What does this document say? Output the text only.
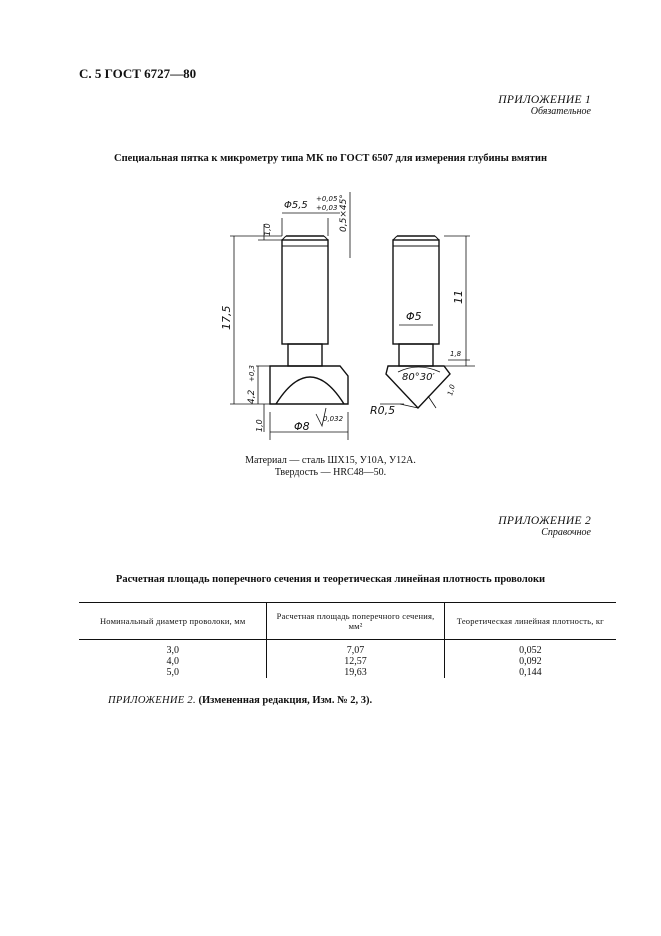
С. 5 ГОСТ 6727—80
ПРИЛОЖЕНИЕ 1
Обязательное
Специальная пятка к микрометру типа МК по ГОСТ 6507 для измерения глубины вмятин
Φ5,5
+0,05
+0,03 0,5×45°
1,0
17,5
4,2
+0,3
1,0	Φ8
0,032
11
Φ5
1,8
80°30′
1,0
R0,5
Материал — сталь ШХ15, У10А, У12А.
Твердость — HRC48—50.
ПРИЛОЖЕНИЕ 2
Справочное
Расчетная площадь поперечного сечения и теоретическая линейная плотность проволоки
Номинальный диаметр проволоки, мм	Расчетная площадь поперечного сечения, мм²	Теоретическая линейная плотность, кг
3,0	7,07	0,052
4,0	12,57	0,092
5,0	19,63	0,144
ПРИЛОЖЕНИЕ 2. (Измененная редакция, Изм. № 2, 3).
